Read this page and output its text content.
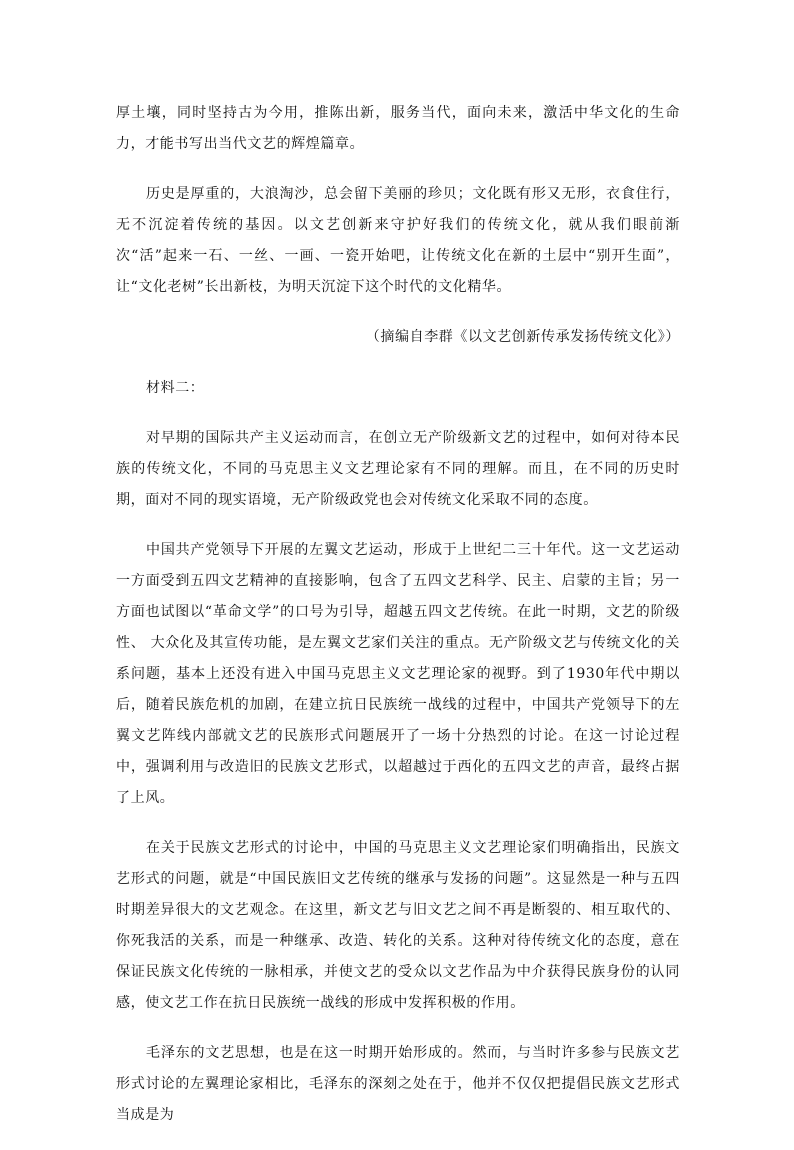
厚土壤，同时坚持古为今用，推陈出新，服务当代，面向未来，激活中华文化的生命力，才能书写出当代文艺的辉煌篇章。

历史是厚重的，大浪淘沙，总会留下美丽的珍贝；文化既有形又无形，衣食住行，无不沉淀着传统的基因。以文艺创新来守护好我们的传统文化，就从我们眼前渐次“活”起来一石、一丝、一画、一瓷开始吧，让传统文化在新的土层中“别开生面”，让“文化老树”长出新枝，为明天沉淀下这个时代的文化精华。

（摘编自李群《以文艺创新传承发扬传统文化》）

材料二：

对早期的国际共产主义运动而言，在创立无产阶级新文艺的过程中，如何对待本民族的传统文化，不同的马克思主义文艺理论家有不同的理解。而且，在不同的历史时期，面对不同的现实语境，无产阶级政党也会对传统文化采取不同的态度。

中国共产党领导下开展的左翼文艺运动，形成于上世纪二三十年代。这一文艺运动一方面受到五四文艺精神的直接影响，包含了五四文艺科学、民主、启蒙的主旨；另一方面也试图以“革命文学”的口号为引导，超越五四文艺传统。在此一时期，文艺的阶级性、 大众化及其宣传功能，是左翼文艺家们关注的重点。无产阶级文艺与传统文化的关系问题，基本上还没有进入中国马克思主义文艺理论家的视野。到了1930年代中期以后，随着民族危机的加剧，在建立抗日民族统一战线的过程中，中国共产党领导下的左翼文艺阵线内部就文艺的民族形式问题展开了一场十分热烈的讨论。在这一讨论过程中，强调利用与改造旧的民族文艺形式，以超越过于西化的五四文艺的声音，最终占据了上风。

在关于民族文艺形式的讨论中，中国的马克思主义文艺理论家们明确指出，民族文艺形式的问题，就是“中国民族旧文艺传统的继承与发扬的问题”。这显然是一种与五四时期差异很大的文艺观念。在这里，新文艺与旧文艺之间不再是断裂的、相互取代的、你死我活的关系，而是一种继承、改造、转化的关系。这种对待传统文化的态度，意在保证民族文化传统的一脉相承，并使文艺的受众以文艺作品为中介获得民族身份的认同感，使文艺工作在抗日民族统一战线的形成中发挥积极的作用。

毛泽东的文艺思想，也是在这一时期开始形成的。然而，与当时许多参与民族文艺形式讨论的左翼理论家相比，毛泽东的深刻之处在于，他并不仅仅把提倡民族文艺形式当成是为
